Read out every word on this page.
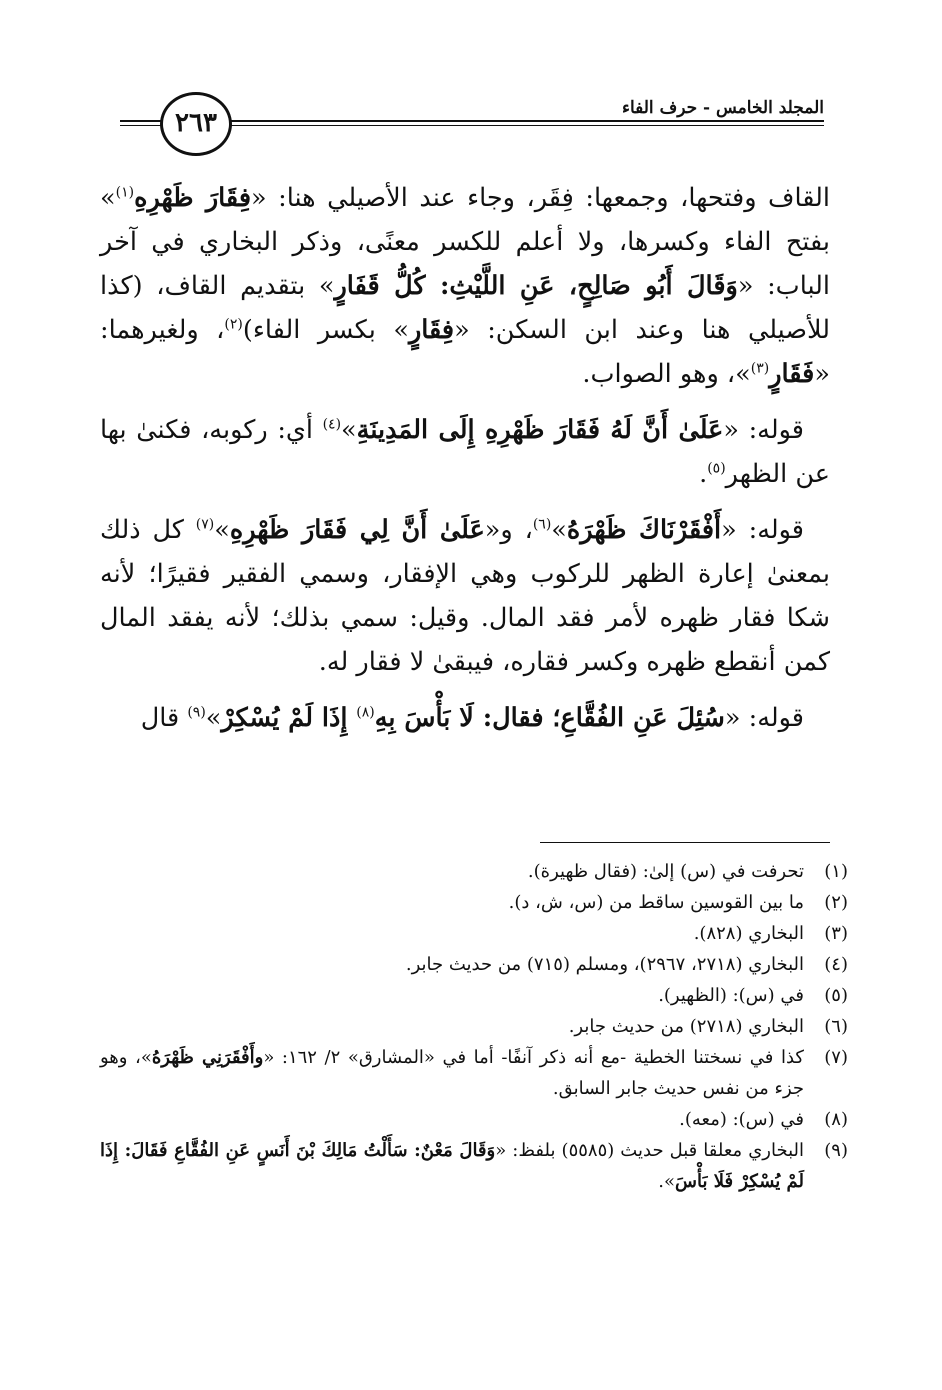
٢٦٣	المجلد الخامس - حرف الفاء

القاف وفتحها، وجمعها: فِقَر، وجاء عند الأصيلي هنا: «فِقَارَ ظَهْرِهِ$^{(١)}$» بفتح الفاء وكسرها، ولا أعلم للكسر معنًى، وذكر البخاري في آخر الباب: «وَقَالَ أَبُو صَالِحٍ، عَنِ اللَّيْثِ: كُلُّ قَفَارٍ» بتقديم القاف، (كذا للأصيلي هنا وعند ابن السكن: «فِقَارٍ» بكسر الفاء)$^{(٢)}$، ولغيرهما: «فَقَارٍ$^{(٣)}$»، وهو الصواب.

قوله: «عَلَىٰ أَنَّ لَهُ فَقَارَ ظَهْرِهِ إِلَى المَدِينَةِ»$^{(٤)}$ أي: ركوبه، فكنىٰ بها عن الظهر$^{(٥)}$.

قوله: «أَفْقَرْنَاكَ ظَهْرَهُ»$^{(٦)}$، و«عَلَىٰ أَنَّ لِي فَقَارَ ظَهْرِهِ»$^{(٧)}$ كل ذلك بمعنىٰ إعارة الظهر للركوب وهي الإفقار، وسمي الفقير فقيرًا؛ لأنه شكا فقار ظهره لأمر فقد المال. وقيل: سمي بذلك؛ لأنه يفقد المال كمن أنقطع ظهره وكسر فقاره، فيبقىٰ لا فقار له.

قوله: «سُئِلَ عَنِ الفُقَّاعِ؛ فقال: لَا بَأْسَ بِهِ$^{(٨)}$ إِذَا لَمْ يُسْكِرْ»$^{(٩)}$ قال

(١)
تحرفت في (س) إلىٰ: (فقال ظهيرة).
(٢)
ما بين القوسين ساقط من (س، ش، د).
(٣)
البخاري (٨٢٨).
(٤)
البخاري (٢٧١٨، ٢٩٦٧)، ومسلم (٧١٥) من حديث جابر.
(٥)
في (س): (الظهير).
(٦)
البخاري (٢٧١٨) من حديث جابر.
(٧)
كذا في نسختنا الخطية -مع أنه ذكر آنفًا- أما في «المشارق» ٢/ ١٦٢: «وأَفْقَرَنِي ظَهْرَهُ»، وهو جزء من نفس حديث جابر السابق.
(٨)
في (س): (معه).
(٩)
البخاري معلقا قبل حديث (٥٥٨٥) بلفظ: «وَقَالَ مَعْنٌ: سَأَلْتُ مَالِكَ بْنَ أَنَسٍ عَنِ الفُقَّاعِ فَقَالَ: إِذَا لَمْ يُسْكِرْ فَلَا بَأْسَ».
